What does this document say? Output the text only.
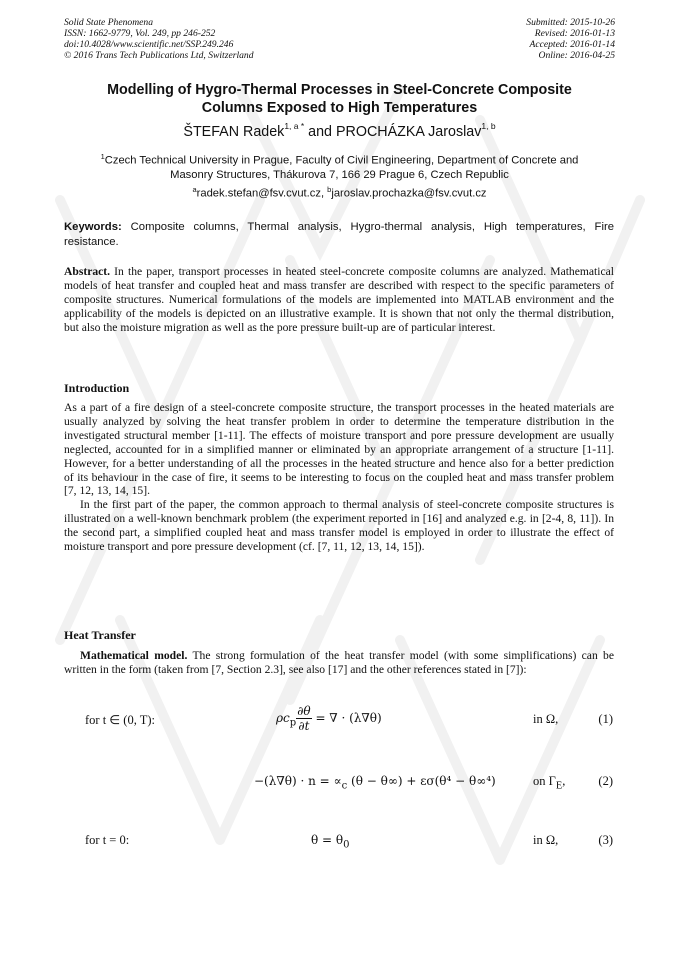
Solid State Phenomena
ISSN: 1662-9779, Vol. 249, pp 246-252
doi:10.4028/www.scientific.net/SSP.249.246
© 2016 Trans Tech Publications Ltd, Switzerland
Submitted: 2015-10-26
Revised: 2016-01-13
Accepted: 2016-01-14
Online: 2016-04-25
Modelling of Hygro-Thermal Processes in Steel-Concrete Composite
Columns Exposed to High Temperatures
ŠTEFAN Radek$^{1, a *}$ and PROCHÁZKA Jaroslav$^{1, b}$
$^1$Czech Technical University in Prague, Faculty of Civil Engineering, Department of Concrete and
Masonry Structures, Thákurova 7, 166 29 Prague 6, Czech Republic
$^a$radek.stefan@fsv.cvut.cz, $^b$jaroslav.prochazka@fsv.cvut.cz
Keywords: Composite columns, Thermal analysis, Hygro-thermal analysis, High temperatures, Fire resistance.
Abstract. In the paper, transport processes in heated steel-concrete composite columns are analyzed. Mathematical models of heat transfer and coupled heat and mass transfer are described with respect to the specific parameters of composite structures. Numerical formulations of the models are implemented into MATLAB environment and the applicability of the models is depicted on an illustrative example. It is shown that not only the thermal distribution, but also the moisture migration as well as the pore pressure built-up are of particular interest.
Introduction

As a part of a fire design of a steel-concrete composite structure, the transport processes in the heated materials are usually analyzed by solving the heat transfer problem in order to determine the temperature distribution in the investigated structural member [1-11]. The effects of moisture transport and pore pressure development are usually neglected, accounted for in a simplified manner or eliminated by an appropriate arrangement of a structure [1-11]. However, for a better understanding of all the processes in the heated structure and hence also for a better prediction of its behaviour in the case of fire, it seems to be interesting to focus on the coupled heat and mass transfer problem [7, 12, 13, 14, 15].

In the first part of the paper, the common approach to thermal analysis of steel-concrete composite structures is illustrated on a well-known benchmark problem (the experiment reported in [16] and analyzed e.g. in [2-4, 8, 11]). In the second part, a simplified coupled heat and mass transfer model is employed in order to illustrate the effect of moisture transport and pore pressure development (cf. [7, 11, 12, 13, 14, 15]).

Heat Transfer

Mathematical model. The strong formulation of the heat transfer model (with some simplifications) can be written in the form (taken from [7, Section 2.3], see also [17] and the other references stated in [7]):

for t ∈ (0, T):	$\rho c_p \frac{\partial\theta}{\partial t}$ = ∇ · (λ∇θ)	in Ω,	(1)
$-(\lambda\nabla\theta) \cdot n = \propto_c$ (θ − θ∞) + εσ(θ⁴ − θ∞⁴)	on $\Gamma_E$,	(2)
for t = 0:	$\theta = \theta_0$	in Ω,	(3)
